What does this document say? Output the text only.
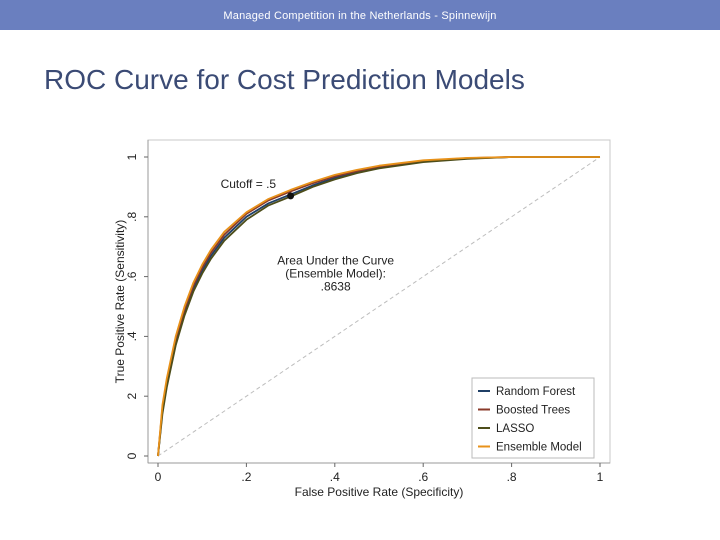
Managed Competition in the Netherlands - Spinnewijn
ROC Curve for Cost Prediction Models
0	.2	.4	.6	.8	1
0
2
.4
.6
.8
1
False Positive Rate (Specificity)
True Positive Rate (Sensitivity)
Cutoff = .5
Area Under the Curve
(Ensemble Model):
.8638
Random Forest
Boosted Trees
LASSO
Ensemble Model
